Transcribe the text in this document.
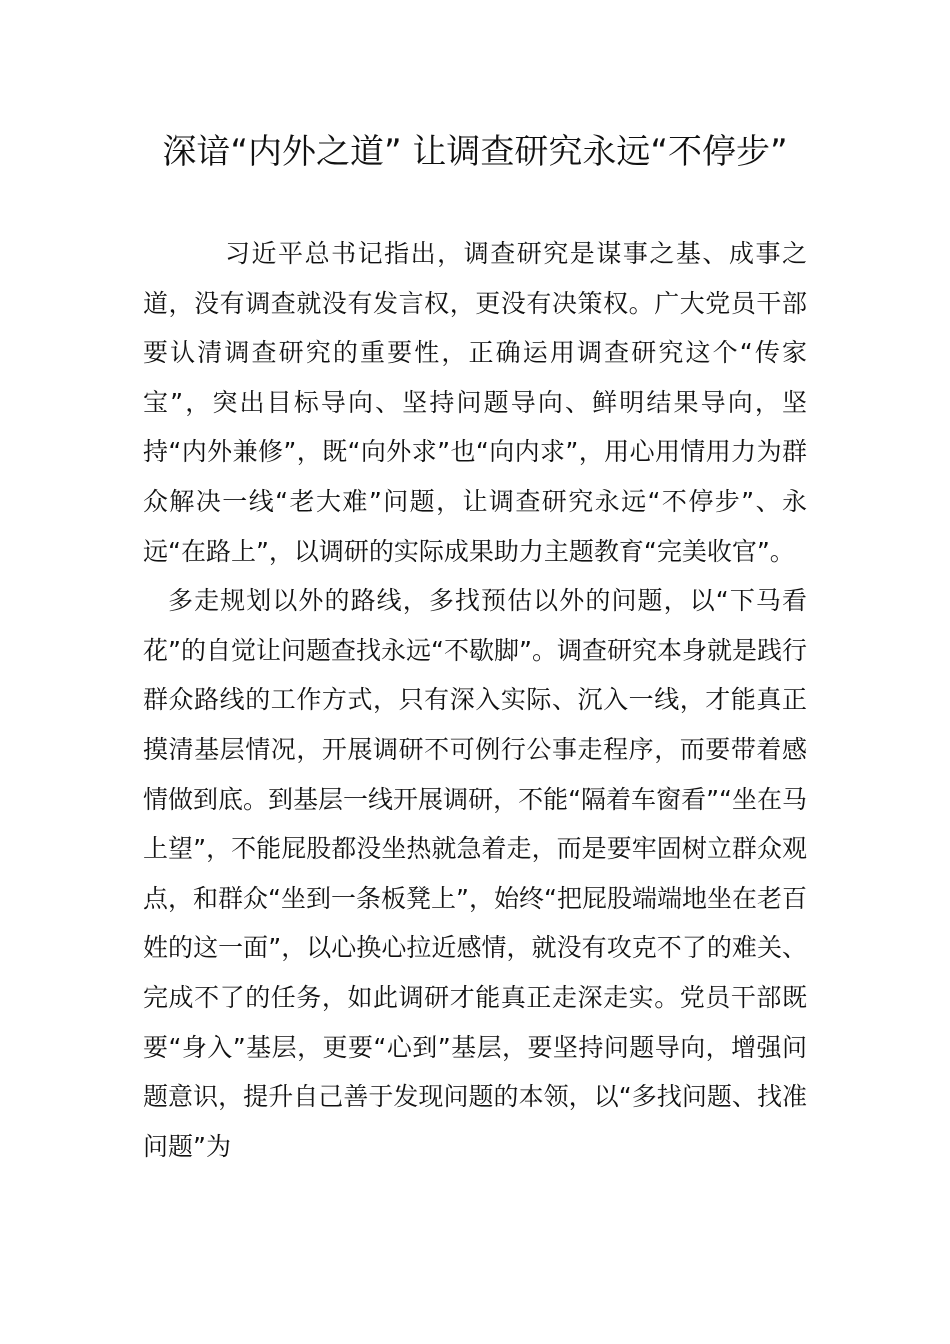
深谙“内外之道” 让调查研究永远“不停步”

习近平总书记指出，调查研究是谋事之基、成事之道，没有调查就没有发言权，更没有决策权。广大党员干部要认清调查研究的重要性，正确运用调查研究这个“传家宝”，突出目标导向、坚持问题导向、鲜明结果导向，坚持“内外兼修”，既“向外求”也“向内求”，用心用情用力为群众解决一线“老大难”问题，让调查研究永远“不停步”、永远“在路上”，以调研的实际成果助力主题教育“完美收官”。

多走规划以外的路线，多找预估以外的问题，以“下马看花”的自觉让问题查找永远“不歇脚”。调查研究本身就是践行群众路线的工作方式，只有深入实际、沉入一线，才能真正摸清基层情况，开展调研不可例行公事走程序，而要带着感情做到底。到基层一线开展调研，不能“隔着车窗看”“坐在马上望”，不能屁股都没坐热就急着走，而是要牢固树立群众观点，和群众“坐到一条板凳上”，始终“把屁股端端地坐在老百姓的这一面”，以心换心拉近感情，就没有攻克不了的难关、完成不了的任务，如此调研才能真正走深走实。党员干部既要“身入”基层，更要“心到”基层，要坚持问题导向，增强问题意识，提升自己善于发现问题的本领，以“多找问题、找准问题”为
